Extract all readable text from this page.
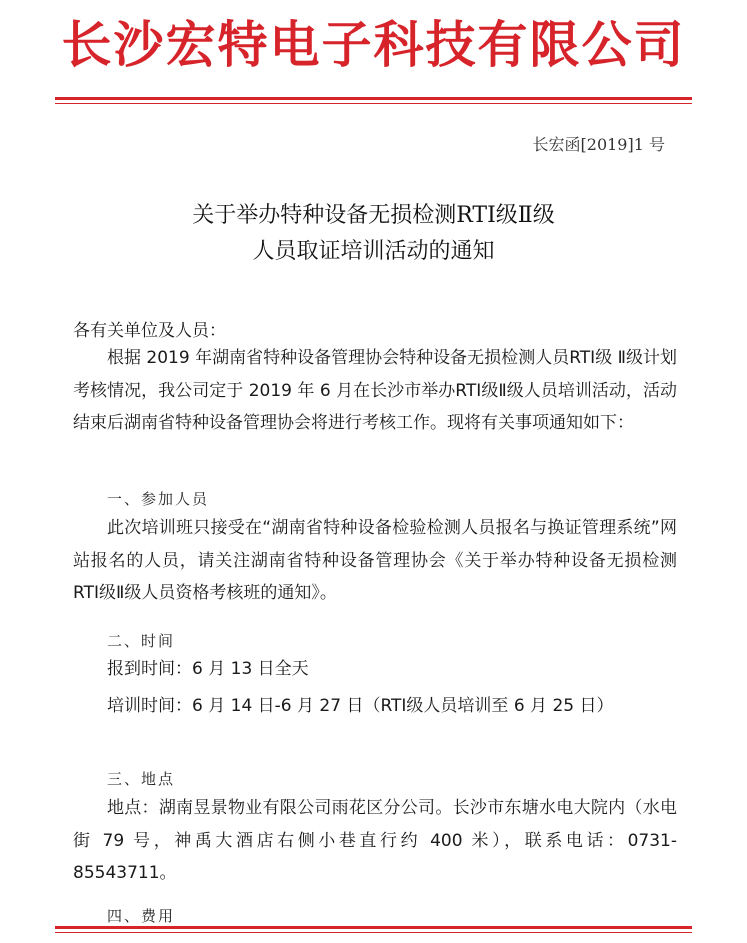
长沙宏特电子科技有限公司
长宏函[2019]1 号
关于举办特种设备无损检测RTⅠ级Ⅱ级
人员取证培训活动的通知
各有关单位及人员：
根据 2019 年湖南省特种设备管理协会特种设备无损检测人员RTⅠ级 Ⅱ级计划考核情况，我公司定于 2019 年 6 月在长沙市举办RTⅠ级Ⅱ级人员培训活动，活动结束后湖南省特种设备管理协会将进行考核工作。现将有关事项通知如下：
一、参加人员
此次培训班只接受在“湖南省特种设备检验检测人员报名与换证管理系统”网站报名的人员，请关注湖南省特种设备管理协会《关于举办特种设备无损检测 RTⅠ级Ⅱ级人员资格考核班的通知》。
二、时间
报到时间：6 月 13 日全天
培训时间：6 月 14 日-6 月 27 日（RTⅠ级人员培训至 6 月 25 日）
三、地点
地点：湖南昱景物业有限公司雨花区分公司。长沙市东塘水电大院内（水电街 79 号，神禹大酒店右侧小巷直行约 400 米），联系电话：0731-85543711。
四、费用
